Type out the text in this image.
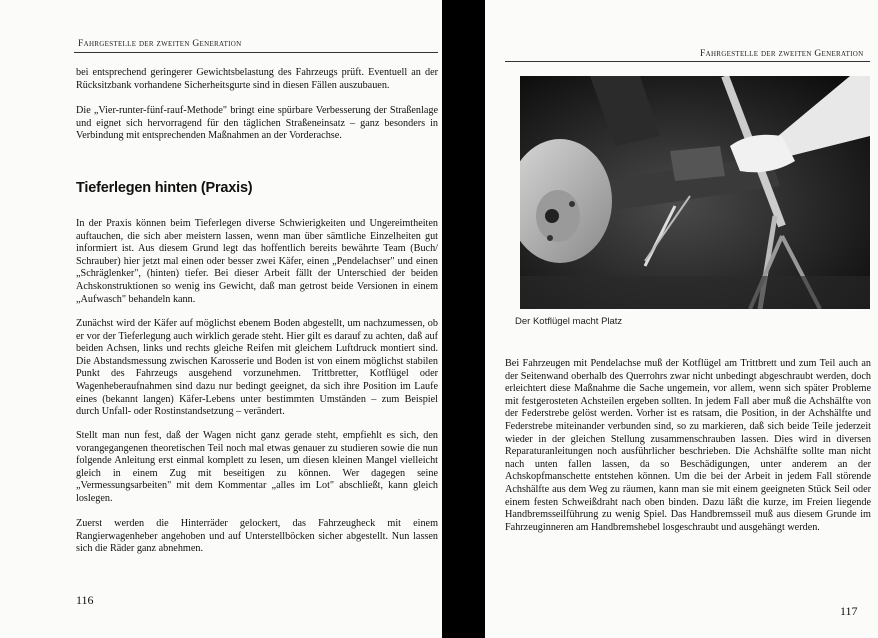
Fahrgestelle der zweiten Generation

bei entsprechend geringerer Gewichtsbelastung des Fahrzeugs prüft. Eventuell an der Rücksitzbank vorhandene Sicherheitsgurte sind in diesen Fällen auszubauen.

Die „Vier-runter-fünf-rauf-Methode" bringt eine spürbare Verbesserung der Straßenlage und eignet sich hervorragend für den täglichen Straßeneinsatz – ganz besonders in Verbindung mit entsprechenden Maßnahmen an der Vorderachse.

Tieferlegen hinten (Praxis)

In der Praxis können beim Tieferlegen diverse Schwierigkeiten und Ungereimtheiten auftauchen, die sich aber meistern lassen, wenn man über sämtliche Einzelheiten gut informiert ist. Aus diesem Grund legt das hoffentlich bereits bewährte Team (Buch/ Schrauber) hier jetzt mal einen oder besser zwei Käfer, einen „Pendelachser" und einen „Schräglenker", (hinten) tiefer. Bei dieser Arbeit fällt der Unterschied der beiden Achskonstruktionen so wenig ins Gewicht, daß man getrost beide Versionen in einem „Aufwasch" behandeln kann.

Zunächst wird der Käfer auf möglichst ebenem Boden abgestellt, um nachzumessen, ob er vor der Tieferlegung auch wirklich gerade steht. Hier gilt es darauf zu achten, daß auf beiden Achsen, links und rechts gleiche Reifen mit gleichem Luftdruck montiert sind. Die Abstandsmessung zwischen Karosserie und Boden ist von einem möglichst stabilen Punkt des Fahrzeugs ausgehend vorzunehmen. Trittbretter, Kotflügel oder Wagenheberaufnahmen sind dazu nur bedingt geeignet, da sich ihre Position im Laufe eines (bekannt langen) Käfer-Lebens unter bestimmten Umständen – zum Beispiel durch Unfall- oder Rostinstandsetzung – verändert.

Stellt man nun fest, daß der Wagen nicht ganz gerade steht, empfiehlt es sich, den vorangegangenen theoretischen Teil noch mal etwas genauer zu studieren sowie die nun folgende Anleitung erst einmal komplett zu lesen, um diesen kleinen Mangel vielleicht gleich in einem Zug mit beseitigen zu können. Wer dagegen seine „Vermessungsarbeiten" mit dem Kommentar „alles im Lot" abschließt, kann gleich loslegen.

Zuerst werden die Hinterräder gelockert, das Fahrzeugheck mit einem Rangierwagenheber angehoben und auf Unterstellböcken sicher abgestellt. Nun lassen sich die Räder ganz abnehmen.

116
Fahrgestelle der zweiten Generation
Der Kotflügel macht Platz

Bei Fahrzeugen mit Pendelachse muß der Kotflügel am Trittbrett und zum Teil auch an der Seitenwand oberhalb des Querrohrs zwar nicht unbedingt abgeschraubt werden, doch erleichtert diese Maßnahme die Sache ungemein, vor allem, wenn sich später Probleme mit festgerosteten Achsteilen ergeben sollten. In jedem Fall aber muß die Achshälfte von der Federstrebe gelöst werden. Vorher ist es ratsam, die Position, in der Achshälfte und Federstrebe miteinander verbunden sind, so zu markieren, daß sich beide Teile jederzeit wieder in der gleichen Stellung zusammenschrauben lassen. Dies wird in diversen Reparaturanleitungen noch ausführlicher beschrieben. Die Achshälfte sollte man nicht nach unten fallen lassen, da so Beschädigungen, unter anderem an der Achskopfmanschette entstehen können. Um die bei der Arbeit in jedem Fall störende Achshälfte aus dem Weg zu räumen, kann man sie mit einem geeigneten Stück Seil oder einem festen Schweißdraht nach oben binden. Dazu läßt die kurze, im Freien liegende Handbremsseilführung zu wenig Spiel. Das Handbremsseil muß aus diesem Grunde im Fahrzeuginneren am Handbremshebel losgeschraubt und ausgehängt werden.

117
